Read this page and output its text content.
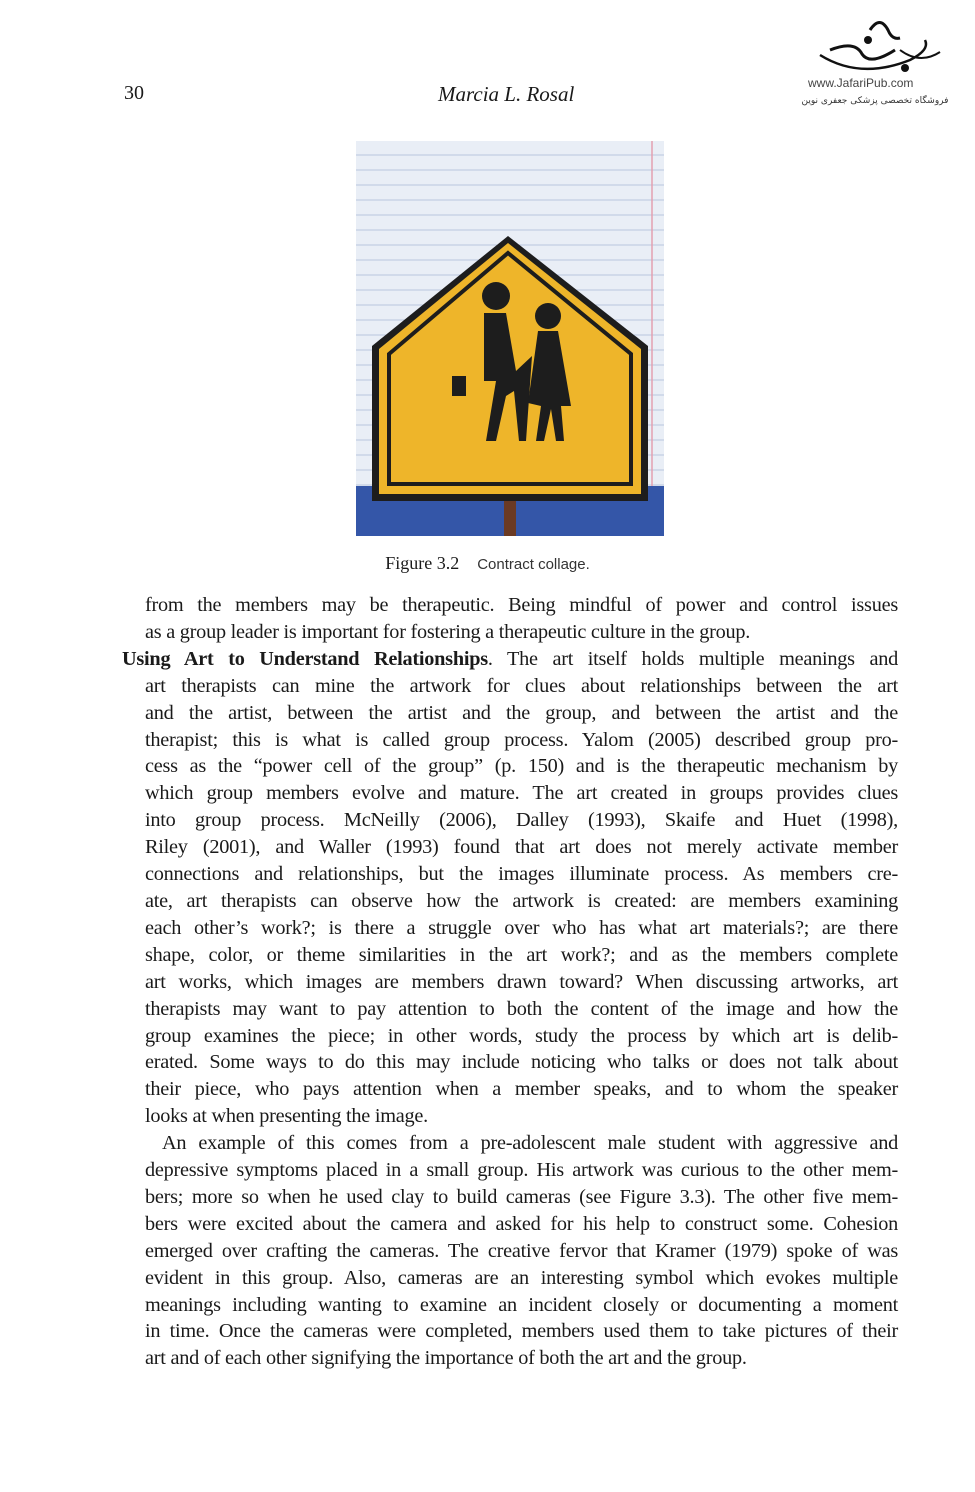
30	Marcia L. Rosal	www.JafariPub.com
فروشگاه تخصصی پزشکی جعفری نوین
Figure 3.2 Contract collage.
from the members may be therapeutic. Being mindful of power and control issues
as a group leader is important for fostering a therapeutic culture in the group.
Using Art to Understand Relationships. The art itself holds multiple meanings and
art therapists can mine the artwork for clues about relationships between the art
and the artist, between the artist and the group, and between the artist and the
therapist; this is what is called group process. Yalom (2005) described group pro-
cess as the “power cell of the group” (p. 150) and is the therapeutic mechanism by
which group members evolve and mature. The art created in groups provides clues
into group process. McNeilly (2006), Dalley (1993), Skaife and Huet (1998),
Riley (2001), and Waller (1993) found that art does not merely activate member
connections and relationships, but the images illuminate process. As members cre-
ate, art therapists can observe how the artwork is created: are members examining
each other’s work?; is there a struggle over who has what art materials?; are there
shape, color, or theme similarities in the art work?; and as the members complete
art works, which images are members drawn toward? When discussing artworks, art
therapists may want to pay attention to both the content of the image and how the
group examines the piece; in other words, study the process by which art is delib-
erated. Some ways to do this may include noticing who talks or does not talk about
their piece, who pays attention when a member speaks, and to whom the speaker
looks at when presenting the image.
An example of this comes from a pre-adolescent male student with aggressive and
depressive symptoms placed in a small group. His artwork was curious to the other mem-
bers; more so when he used clay to build cameras (see Figure 3.3). The other five mem-
bers were excited about the camera and asked for his help to construct some. Cohesion
emerged over crafting the cameras. The creative fervor that Kramer (1979) spoke of was
evident in this group. Also, cameras are an interesting symbol which evokes multiple
meanings including wanting to examine an incident closely or documenting a moment
in time. Once the cameras were completed, members used them to take pictures of their
art and of each other signifying the importance of both the art and the group.
